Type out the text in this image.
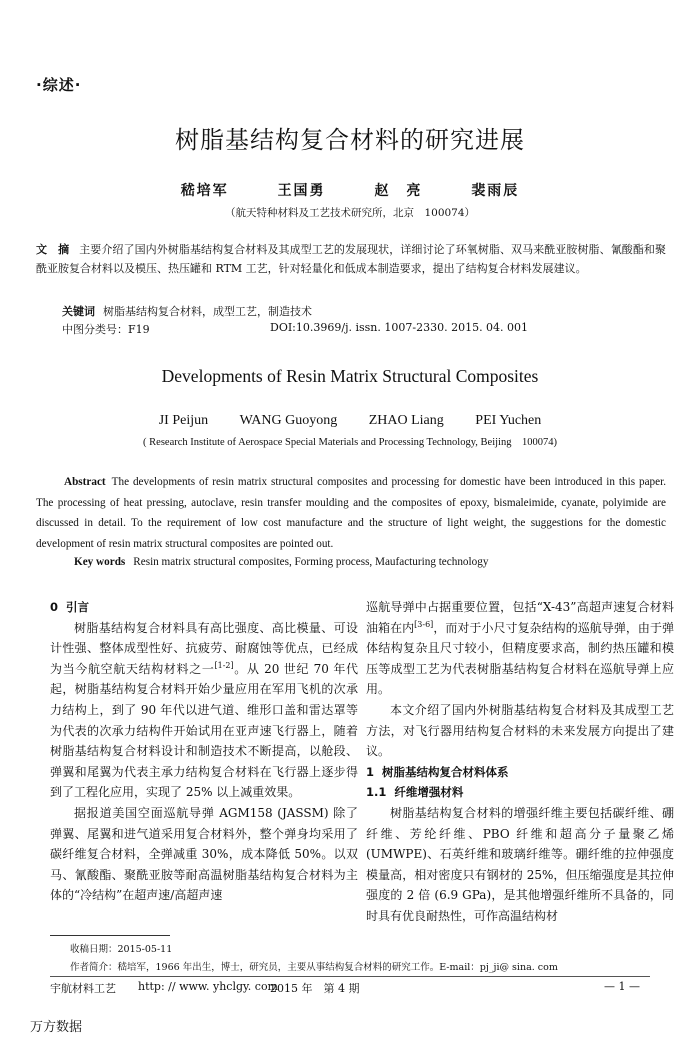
·综述·
树脂基结构复合材料的研究进展
嵇培军	王国勇	赵　亮	裴雨辰
（航天特种材料及工艺技术研究所，北京　100074）
文　摘 主要介绍了国内外树脂基结构复合材料及其成型工艺的发展现状，详细讨论了环氧树脂、双马来酰亚胺树脂、氰酸酯和聚酰亚胺复合材料以及模压、热压罐和 RTM 工艺，针对轻量化和低成本制造要求，提出了结构复合材料发展建议。
关键词 树脂基结构复合材料，成型工艺，制造技术
中图分类号：F19	DOI:10.3969/j. issn. 1007-2330. 2015. 04. 001
Developments of Resin Matrix Structural Composites
JI Peijun WANG Guoyong ZHAO Liang PEI Yuchen
( Research Institute of Aerospace Special Materials and Processing Technology, Beijing　100074)
Abstract The developments of resin matrix structural composites and processing for domestic have been introduced in this paper. The processing of heat pressing, autoclave, resin transfer moulding and the composites of epoxy, bismaleimide, cyanate, polyimide are discussed in detail. To the requirement of low cost manufacture and the structure of light weight, the suggestions for the domestic development of resin matrix structural composites are pointed out.
Key words Resin matrix structural composites, Forming process, Maufacturing technology

0 引言

树脂基结构复合材料具有高比强度、高比模量、可设计性强、整体成型性好、抗疲劳、耐腐蚀等优点，已经成为当今航空航天结构材料之一[1-2]。从 20 世纪 70 年代起，树脂基结构复合材料开始少量应用在军用飞机的次承力结构上，到了 90 年代以进气道、维形口盖和雷达罩等为代表的次承力结构件开始试用在亚声速飞行器上，随着树脂基结构复合材料设计和制造技术不断提高，以舱段、弹翼和尾翼为代表主承力结构复合材料在飞行器上逐步得到了工程化应用，实现了 25% 以上减重效果。

据报道美国空面巡航导弹 AGM158 (JASSM) 除了弹翼、尾翼和进气道采用复合材料外，整个弹身均采用了碳纤维复合材料，全弹减重 30%，成本降低 50%。以双马、氰酸酯、聚酰亚胺等耐高温树脂基结构复合材料为主体的“冷结构”在超声速/高超声速

巡航导弹中占据重要位置，包括“X-43”高超声速复合材料油箱在内[3-6]，而对于小尺寸复杂结构的巡航导弹，由于弹体结构复杂且尺寸较小，但精度要求高，制约热压罐和模压等成型工艺为代表树脂基结构复合材料在巡航导弹上应用。

本文介绍了国内外树脂基结构复合材料及其成型工艺方法，对飞行器用结构复合材料的未来发展方向提出了建议。

1 树脂基结构复合材料体系

1.1 纤维增强材料

树脂基结构复合材料的增强纤维主要包括碳纤维、硼纤维、芳纶纤维、PBO 纤维和超高分子量聚乙烯 (UMWPE)、石英纤维和玻璃纤维等。硼纤维的拉伸强度模量高，相对密度只有钢材的 25%，但压缩强度是其拉伸强度的 2 倍 (6.9 GPa)，是其他增强纤维所不具备的，同时具有优良耐热性，可作高温结构材

收稿日期：2015-05-11
作者简介：嵇培军，1966 年出生，博士，研究员，主要从事结构复合材料的研究工作。E-mail：pj_ji@ sina. com
宇航材料工艺 http: // www. yhclgy. com
2015 年　第 4 期	— 1 —
万方数据
